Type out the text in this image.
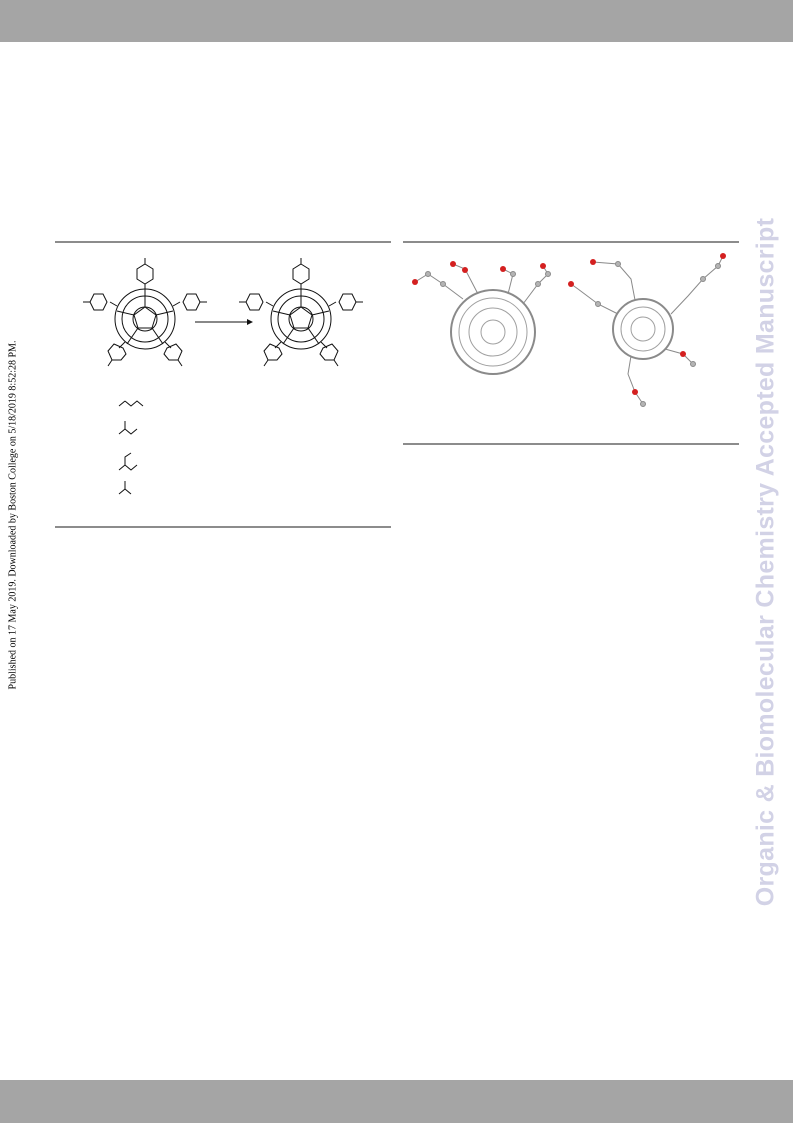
Published on 17 May 2019. Downloaded by Boston College on 5/18/2019 8:52:28 PM.	Organic & Biomolecular Chemistry Accepted Manuscript
